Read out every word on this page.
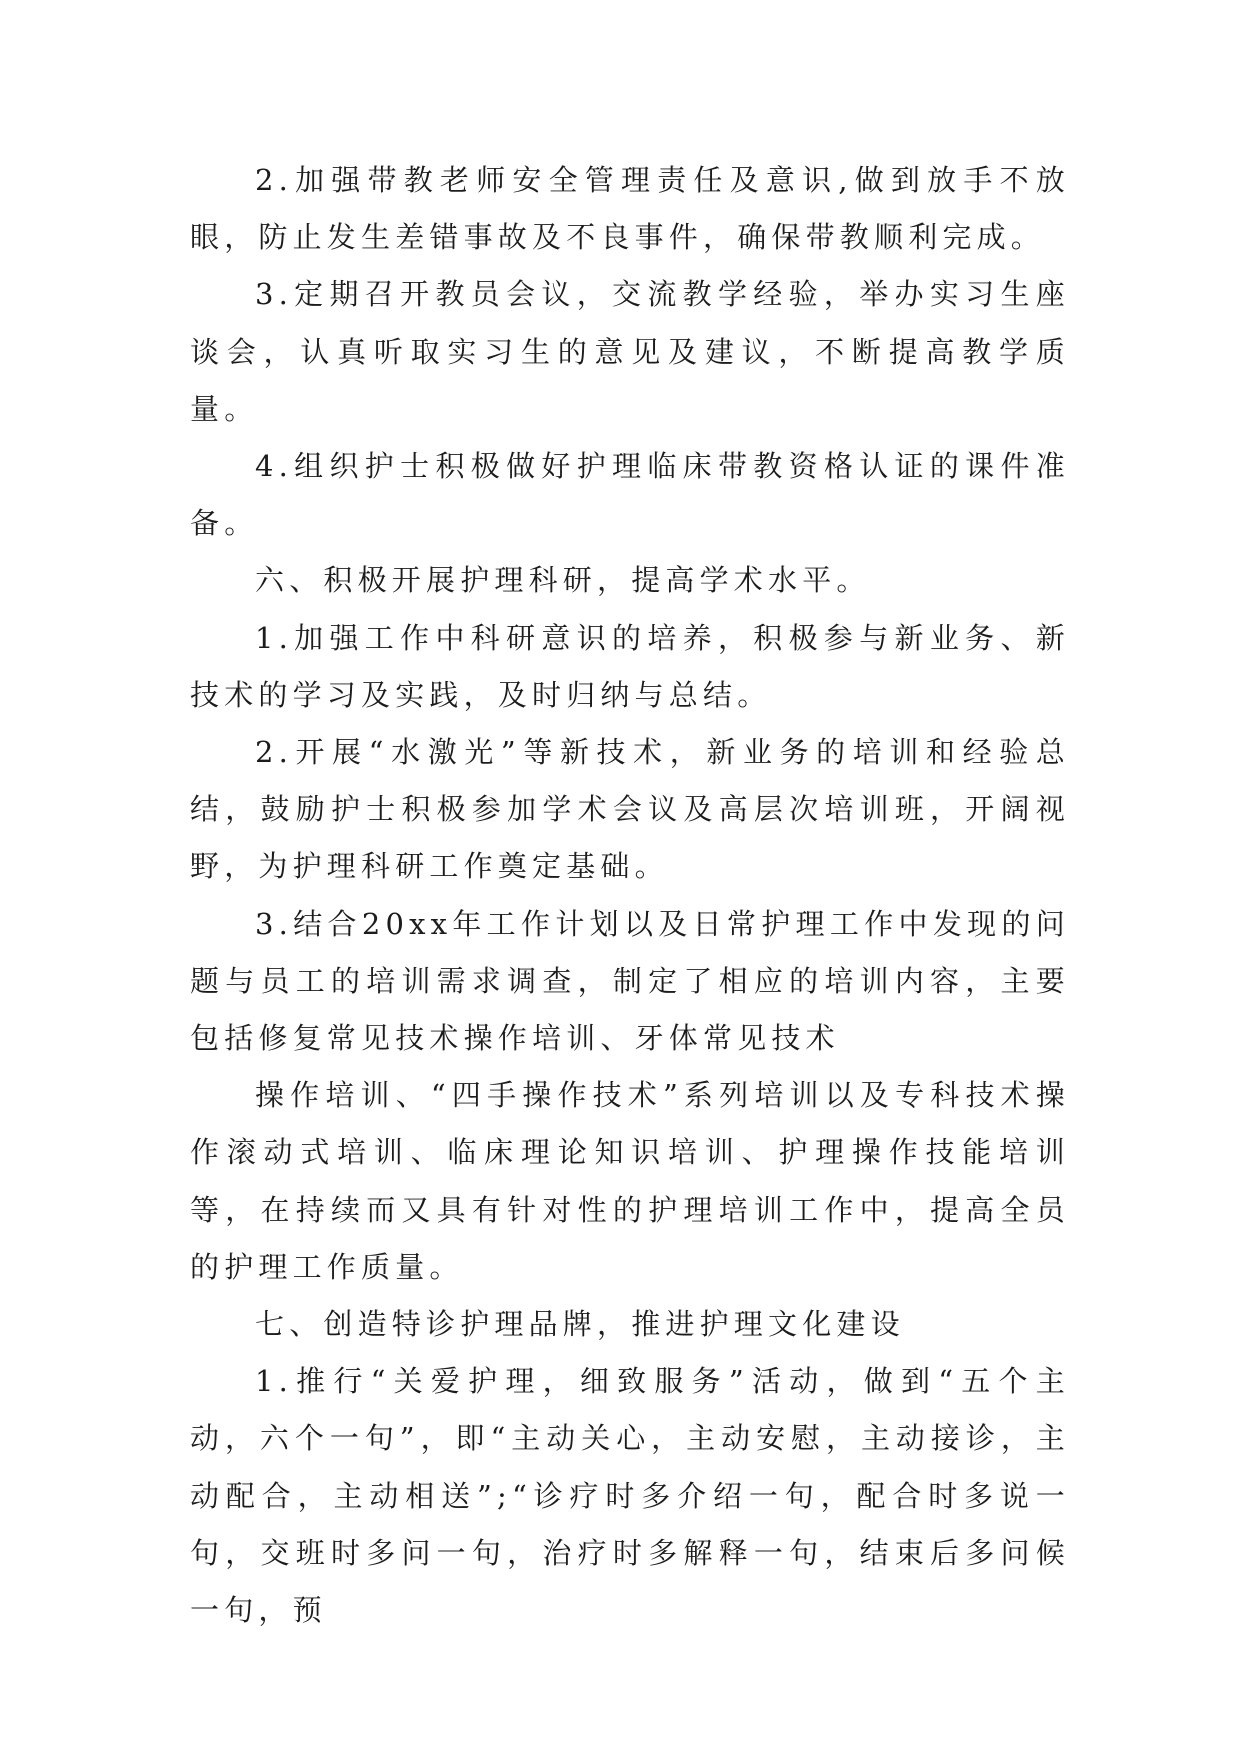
2.加强带教老师安全管理责任及意识,做到放手不放眼，防止发生差错事故及不良事件，确保带教顺利完成。

3.定期召开教员会议，交流教学经验，举办实习生座谈会，认真听取实习生的意见及建议，不断提高教学质量。

4.组织护士积极做好护理临床带教资格认证的课件准备。

六、积极开展护理科研，提高学术水平。

1.加强工作中科研意识的培养，积极参与新业务、新技术的学习及实践，及时归纳与总结。

2.开展“水激光”等新技术，新业务的培训和经验总结，鼓励护士积极参加学术会议及高层次培训班，开阔视野，为护理科研工作奠定基础。

3.结合20xx年工作计划以及日常护理工作中发现的问题与员工的培训需求调查，制定了相应的培训内容，主要包括修复常见技术操作培训、牙体常见技术

操作培训、“四手操作技术”系列培训以及专科技术操作滚动式培训、临床理论知识培训、护理操作技能培训等，在持续而又具有针对性的护理培训工作中，提高全员的护理工作质量。

七、创造特诊护理品牌，推进护理文化建设

1.推行“关爱护理，细致服务”活动，做到“五个主动，六个一句”，即“主动关心，主动安慰，主动接诊，主动配合，主动相送”;“诊疗时多介绍一句，配合时多说一句，交班时多问一句，治疗时多解释一句，结束后多问候一句，预
